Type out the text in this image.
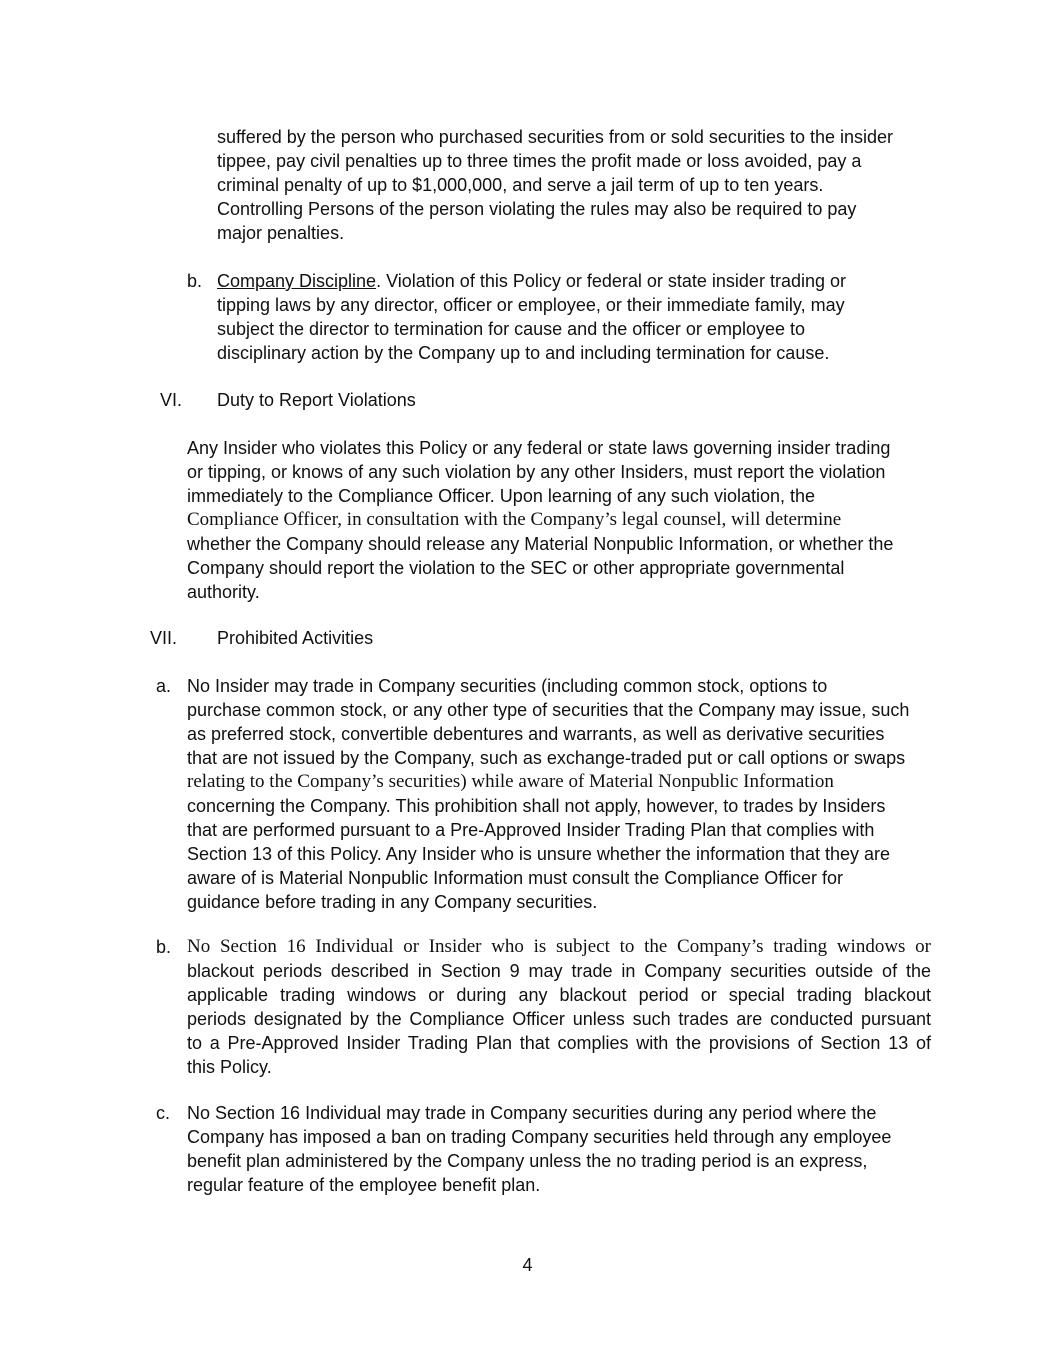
suffered by the person who purchased securities from or sold securities to the insider
tippee, pay civil penalties up to three times the profit made or loss avoided, pay a
criminal penalty of up to $1,000,000, and serve a jail term of up to ten years.
Controlling Persons of the person violating the rules may also be required to pay
major penalties.
b. Company Discipline. Violation of this Policy or federal or state insider trading or
tipping laws by any director, officer or employee, or their immediate family, may
subject the director to termination for cause and the officer or employee to
disciplinary action by the Company up to and including termination for cause.
VI. Duty to Report Violations
Any Insider who violates this Policy or any federal or state laws governing insider trading
or tipping, or knows of any such violation by any other Insiders, must report the violation
immediately to the Compliance Officer. Upon learning of any such violation, the
Compliance Officer, in consultation with the Company’s legal counsel, will determine
whether the Company should release any Material Nonpublic Information, or whether the
Company should report the violation to the SEC or other appropriate governmental
authority.
VII. Prohibited Activities
a. No Insider may trade in Company securities (including common stock, options to
purchase common stock, or any other type of securities that the Company may issue, such
as preferred stock, convertible debentures and warrants, as well as derivative securities
that are not issued by the Company, such as exchange-traded put or call options or swaps
relating to the Company’s securities) while aware of Material Nonpublic Information
concerning the Company. This prohibition shall not apply, however, to trades by Insiders
that are performed pursuant to a Pre-Approved Insider Trading Plan that complies with
Section 13 of this Policy. Any Insider who is unsure whether the information that they are
aware of is Material Nonpublic Information must consult the Compliance Officer for
guidance before trading in any Company securities.
b. No Section 16 Individual or Insider who is subject to the Company’s trading windows or
blackout periods described in Section 9 may trade in Company securities outside of the
applicable trading windows or during any blackout period or special trading blackout
periods designated by the Compliance Officer unless such trades are conducted pursuant
to a Pre-Approved Insider Trading Plan that complies with the provisions of Section 13 of
this Policy.
c. No Section 16 Individual may trade in Company securities during any period where the
Company has imposed a ban on trading Company securities held through any employee
benefit plan administered by the Company unless the no trading period is an express,
regular feature of the employee benefit plan.
4
